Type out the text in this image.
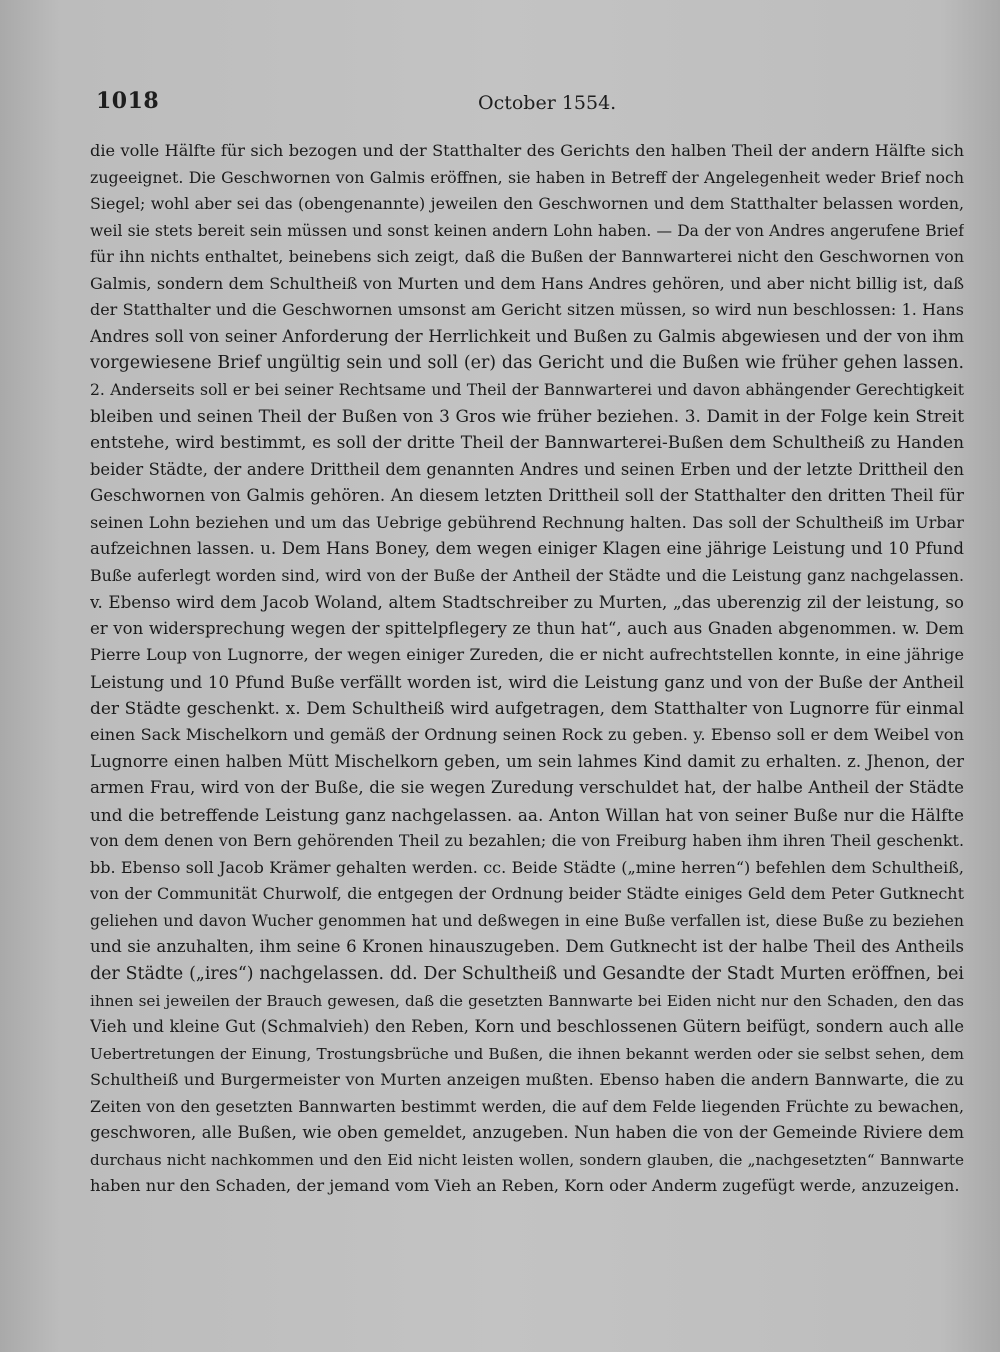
1018	October 1554.
die volle Hälfte für sich bezogen und der Statthalter des Gerichts den halben Theil der andern Hälfte sich
zugeeignet. Die Geschwornen von Galmis eröffnen, sie haben in Betreff der Angelegenheit weder Brief noch
Siegel; wohl aber sei das (obengenannte) jeweilen den Geschwornen und dem Statthalter belassen worden,
weil sie stets bereit sein müssen und sonst keinen andern Lohn haben. — Da der von Andres angerufene Brief
für ihn nichts enthaltet, beinebens sich zeigt, daß die Bußen der Bannwarterei nicht den Geschwornen von
Galmis, sondern dem Schultheiß von Murten und dem Hans Andres gehören, und aber nicht billig ist, daß
der Statthalter und die Geschwornen umsonst am Gericht sitzen müssen, so wird nun beschlossen: 1. Hans
Andres soll von seiner Anforderung der Herrlichkeit und Bußen zu Galmis abgewiesen und der von ihm
vorgewiesene Brief ungültig sein und soll (er) das Gericht und die Bußen wie früher gehen lassen.
2. Anderseits soll er bei seiner Rechtsame und Theil der Bannwarterei und davon abhängender Gerechtigkeit
bleiben und seinen Theil der Bußen von 3 Gros wie früher beziehen. 3. Damit in der Folge kein Streit
entstehe, wird bestimmt, es soll der dritte Theil der Bannwarterei-Bußen dem Schultheiß zu Handen
beider Städte, der andere Drittheil dem genannten Andres und seinen Erben und der letzte Drittheil den
Geschwornen von Galmis gehören. An diesem letzten Drittheil soll der Statthalter den dritten Theil für
seinen Lohn beziehen und um das Uebrige gebührend Rechnung halten. Das soll der Schultheiß im Urbar
aufzeichnen lassen. u. Dem Hans Boney, dem wegen einiger Klagen eine jährige Leistung und 10 Pfund
Buße auferlegt worden sind, wird von der Buße der Antheil der Städte und die Leistung ganz nachgelassen.
v. Ebenso wird dem Jacob Woland, altem Stadtschreiber zu Murten, „das uberenzig zil der leistung, so
er von widersprechung wegen der spittelpflegery ze thun hat“, auch aus Gnaden abgenommen. w. Dem
Pierre Loup von Lugnorre, der wegen einiger Zureden, die er nicht aufrechtstellen konnte, in eine jährige
Leistung und 10 Pfund Buße verfällt worden ist, wird die Leistung ganz und von der Buße der Antheil
der Städte geschenkt. x. Dem Schultheiß wird aufgetragen, dem Statthalter von Lugnorre für einmal
einen Sack Mischelkorn und gemäß der Ordnung seinen Rock zu geben. y. Ebenso soll er dem Weibel von
Lugnorre einen halben Mütt Mischelkorn geben, um sein lahmes Kind damit zu erhalten. z. Jhenon, der
armen Frau, wird von der Buße, die sie wegen Zuredung verschuldet hat, der halbe Antheil der Städte
und die betreffende Leistung ganz nachgelassen. aa. Anton Willan hat von seiner Buße nur die Hälfte
von dem denen von Bern gehörenden Theil zu bezahlen; die von Freiburg haben ihm ihren Theil geschenkt.
bb. Ebenso soll Jacob Krämer gehalten werden. cc. Beide Städte („mine herren“) befehlen dem Schultheiß,
von der Communität Churwolf, die entgegen der Ordnung beider Städte einiges Geld dem Peter Gutknecht
geliehen und davon Wucher genommen hat und deßwegen in eine Buße verfallen ist, diese Buße zu beziehen
und sie anzuhalten, ihm seine 6 Kronen hinauszugeben. Dem Gutknecht ist der halbe Theil des Antheils
der Städte („ires“) nachgelassen. dd. Der Schultheiß und Gesandte der Stadt Murten eröffnen, bei
ihnen sei jeweilen der Brauch gewesen, daß die gesetzten Bannwarte bei Eiden nicht nur den Schaden, den das
Vieh und kleine Gut (Schmalvieh) den Reben, Korn und beschlossenen Gütern beifügt, sondern auch alle
Uebertretungen der Einung, Trostungsbrüche und Bußen, die ihnen bekannt werden oder sie selbst sehen, dem
Schultheiß und Burgermeister von Murten anzeigen mußten. Ebenso haben die andern Bannwarte, die zu
Zeiten von den gesetzten Bannwarten bestimmt werden, die auf dem Felde liegenden Früchte zu bewachen,
geschworen, alle Bußen, wie oben gemeldet, anzugeben. Nun haben die von der Gemeinde Riviere dem
durchaus nicht nachkommen und den Eid nicht leisten wollen, sondern glauben, die „nachgesetzten“ Bannwarte
haben nur den Schaden, der jemand vom Vieh an Reben, Korn oder Anderm zugefügt werde, anzuzeigen.
